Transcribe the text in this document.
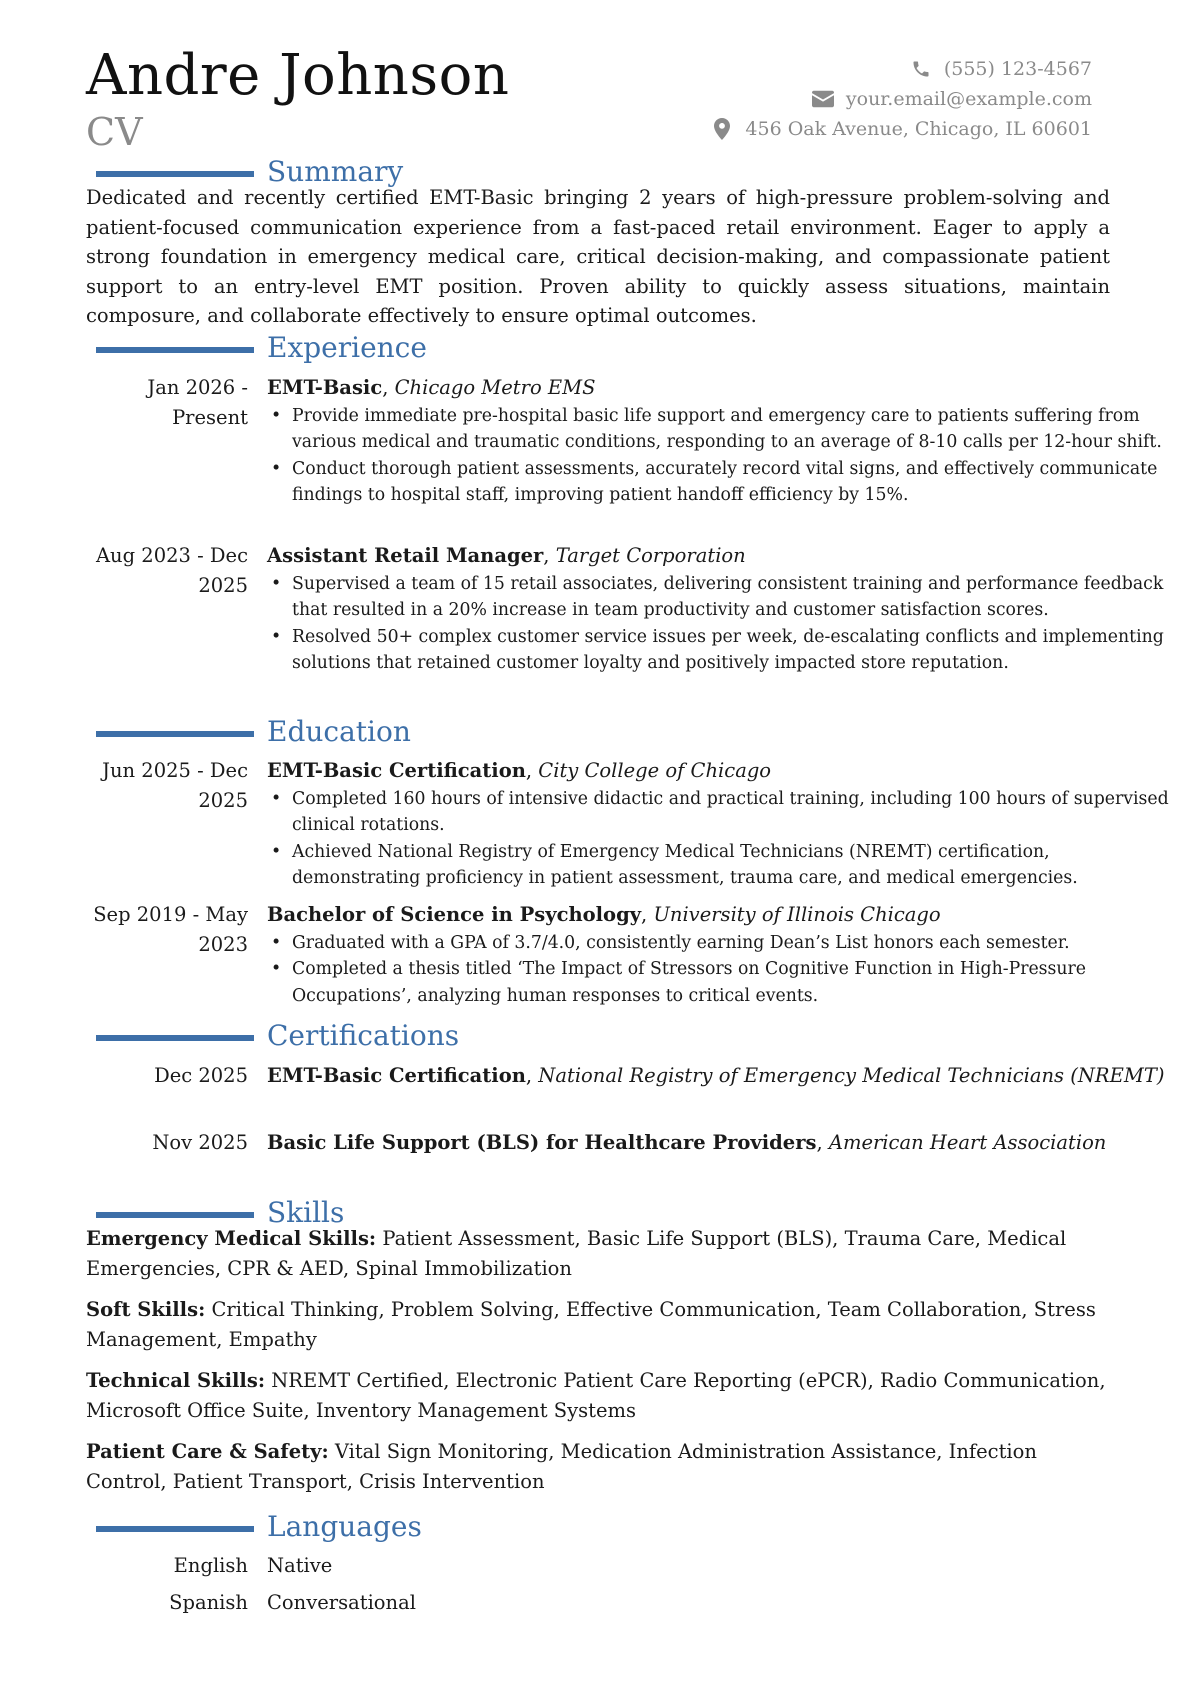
Andre Johnson
CV
(555) 123-4567
your.email@example.com
456 Oak Avenue, Chicago, IL 60601
Summary
Dedicated and recently certified EMT-Basic bringing 2 years of high-pressure problem-solving and patient-focused communication experience from a fast-paced retail environment. Eager to apply a strong foundation in emergency medical care, critical decision-making, and compassionate patient support to an entry-level EMT position. Proven ability to quickly assess situations, maintain composure, and collaborate effectively to ensure optimal outcomes.
Experience
Jan 2026 - Present
EMT-Basic, Chicago Metro EMS
• Provide immediate pre-hospital basic life support and emergency care to patients suffering from various medical and traumatic conditions, responding to an average of 8-10 calls per 12-hour shift.
• Conduct thorough patient assessments, accurately record vital signs, and effectively communicate findings to hospital staff, improving patient handoff efficiency by 15%.
Aug 2023 - Dec 2025
Assistant Retail Manager, Target Corporation
• Supervised a team of 15 retail associates, delivering consistent training and performance feedback that resulted in a 20% increase in team productivity and customer satisfaction scores.
• Resolved 50+ complex customer service issues per week, de-escalating conflicts and implementing solutions that retained customer loyalty and positively impacted store reputation.
Education
Jun 2025 - Dec 2025
EMT-Basic Certification, City College of Chicago
• Completed 160 hours of intensive didactic and practical training, including 100 hours of supervised clinical rotations.
• Achieved National Registry of Emergency Medical Technicians (NREMT) certification, demonstrating proficiency in patient assessment, trauma care, and medical emergencies.
Sep 2019 - May 2023
Bachelor of Science in Psychology, University of Illinois Chicago
• Graduated with a GPA of 3.7/4.0, consistently earning Dean’s List honors each semester.
• Completed a thesis titled ‘The Impact of Stressors on Cognitive Function in High-Pressure Occupations’, analyzing human responses to critical events.
Certifications
Dec 2025 EMT-Basic Certification, National Registry of Emergency Medical Technicians (NREMT)
Nov 2025 Basic Life Support (BLS) for Healthcare Providers, American Heart Association
Skills
Emergency Medical Skills: Patient Assessment, Basic Life Support (BLS), Trauma Care, Medical Emergencies, CPR & AED, Spinal Immobilization
Soft Skills: Critical Thinking, Problem Solving, Effective Communication, Team Collaboration, Stress Management, Empathy
Technical Skills: NREMT Certified, Electronic Patient Care Reporting (ePCR), Radio Communication, Microsoft Office Suite, Inventory Management Systems
Patient Care & Safety: Vital Sign Monitoring, Medication Administration Assistance, Infection Control, Patient Transport, Crisis Intervention
Languages
English Native
Spanish Conversational
